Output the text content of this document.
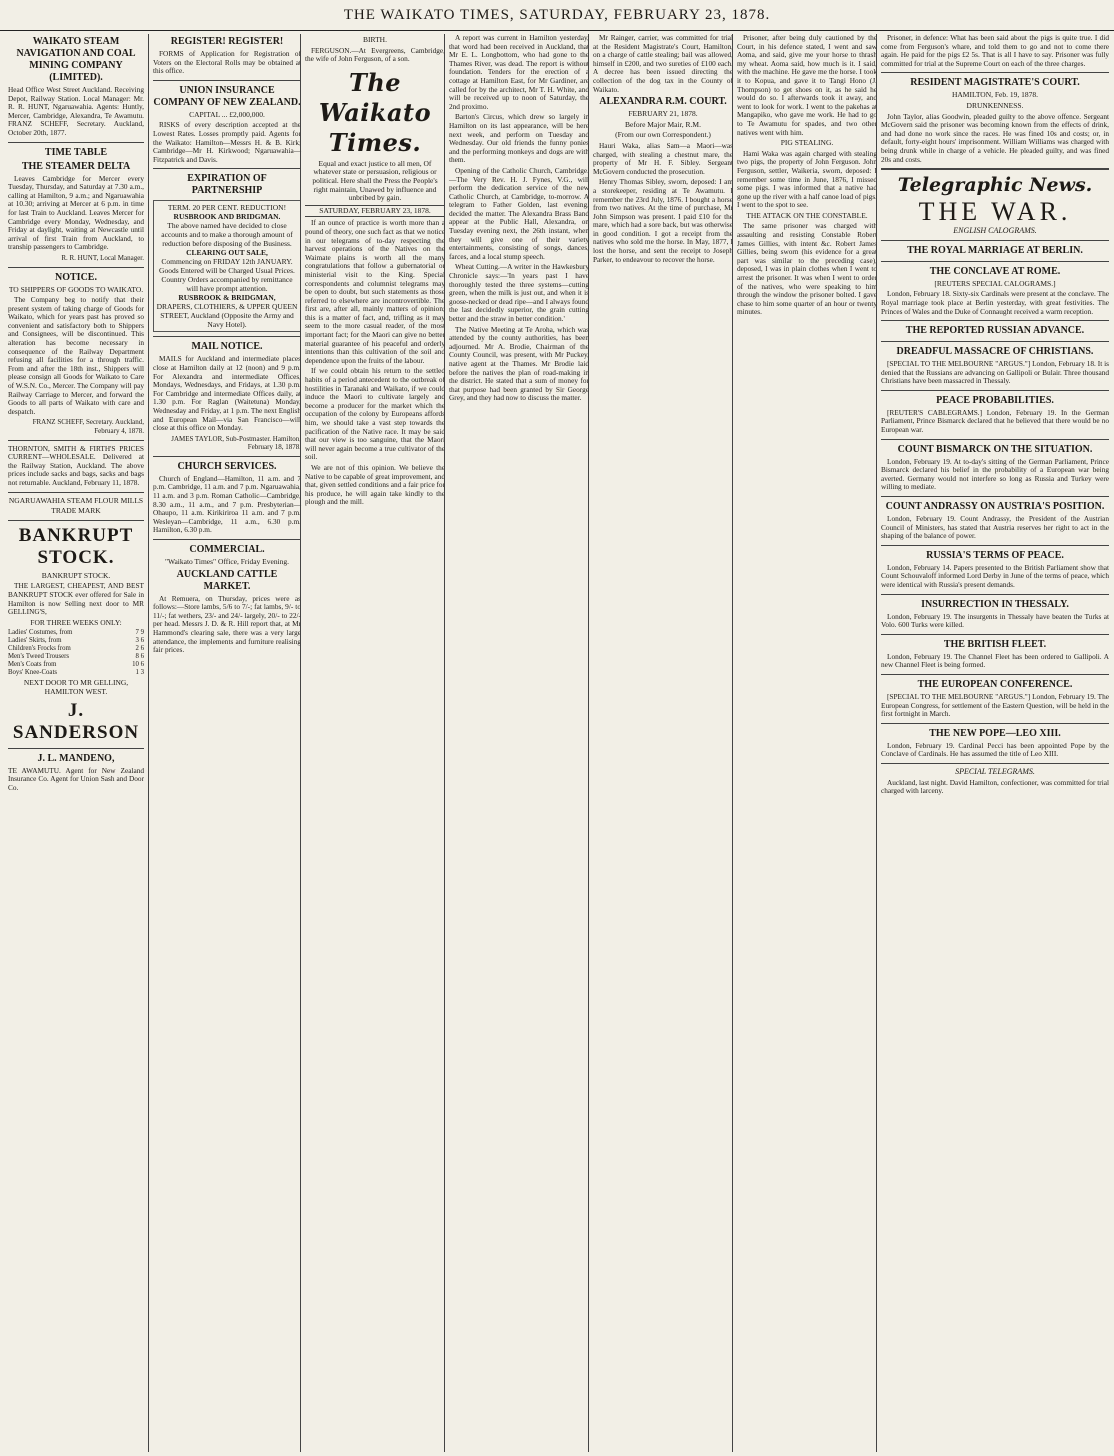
THE WAIKATO TIMES, SATURDAY, FEBRUARY 23, 1878.
WAIKATO STEAM NAVIGATION AND COAL MINING COMPANY (LIMITED).

Head Office West Street Auckland. Receiving Depot, Railway Station. Local Manager: Mr. R. R. HUNT, Ngaruawahia. Agents: Huntly, Mercer, Cambridge, Alexandra, Te Awamutu. FRANZ SCHEFF, Secretary. Auckland, October 20th, 1877.

TIME TABLE
THE STEAMER DELTA

Leaves Cambridge for Mercer every Tuesday, Thursday, and Saturday at 7.30 a.m., calling at Hamilton, 9 a.m.; and Ngaruawahia at 10.30; arriving at Mercer at 6 p.m. in time for last Train to Auckland. Leaves Mercer for Cambridge every Monday, Wednesday, and Friday at daylight, waiting at Newcastle until arrival of first Train from Auckland, to tranship passengers to Cambridge.

R. R. HUNT, Local Manager.

NOTICE.
TO SHIPPERS OF GOODS TO WAIKATO.

The Company beg to notify that their present system of taking charge of Goods for Waikato, which for years past has proved so convenient and satisfactory both to Shippers and Consignees, will be discontinued. This alteration has become necessary in consequence of the Railway Department refusing all facilities for a through traffic. From and after the 18th inst., Shippers will please consign all Goods for Waikato to Care of W.S.N. Co., Mercer. The Company will pay Railway Carriage to Mercer, and forward the Goods to all parts of Waikato with care and despatch.

FRANZ SCHEFF, Secretary. Auckland, February 4, 1878.

THORNTON, SMITH & FIRTH'S PRICES CURRENT—WHOLESALE. Delivered at the Railway Station, Auckland. The above prices include sacks and bags, sacks and bags not returnable. Auckland, February 11, 1878.

NGARUAWAHIA STEAM FLOUR MILLS
TRADE MARK
BANKRUPT STOCK.
BANKRUPT STOCK.

THE LARGEST, CHEAPEST, AND BEST BANKRUPT STOCK ever offered for Sale in Hamilton is now Selling next door to MR GELLING'S,

FOR THREE WEEKS ONLY:
Ladies' Costumes, from	7 9
Ladies' Skirts, from	3 6
Children's Frocks from	2 6
Men's Tweed Trousers	8 6
Men's Coats from	10 6
Boys' Knee-Coats	1 3
NEXT DOOR TO MR GELLING, HAMILTON WEST.
J. SANDERSON
J. L. MANDENO,

TE AWAMUTU. Agent for New Zealand Insurance Co. Agent for Union Sash and Door Co.

REGISTER! REGISTER!

FORMS of Application for Registration of Voters on the Electoral Rolls may be obtained at this office.

UNION INSURANCE COMPANY OF NEW ZEALAND.
CAPITAL ... £2,000,000.

RISKS of every description accepted at the Lowest Rates. Losses promptly paid. Agents for the Waikato: Hamilton—Messrs H. & B. Kirk; Cambridge—Mr H. Kirkwood; Ngaruawahia—Fitzpatrick and Davis.

EXPIRATION OF PARTNERSHIP
TERM. 20 PER CENT. REDUCTION!
RUSBROOK AND BRIDGMAN.
The above named have decided to close accounts and to make a thorough amount of reduction before disposing of the Business.
CLEARING OUT SALE,
Commencing on FRIDAY 12th JANUARY.
Goods Entered will be Charged Usual Prices. Country Orders accompanied by remittance will have prompt attention.
RUSBROOK & BRIDGMAN,
DRAPERS, CLOTHIERS, & UPPER QUEEN STREET, Auckland (Opposite the Army and Navy Hotel).
MAIL NOTICE.

MAILS for Auckland and intermediate places close at Hamilton daily at 12 (noon) and 9 p.m. For Alexandra and intermediate Offices, Mondays, Wednesdays, and Fridays, at 1.30 p.m. For Cambridge and intermediate Offices daily, at 1.30 p.m. For Raglan (Waitetuna) Monday, Wednesday and Friday, at 1 p.m. The next English and European Mail—via San Francisco—will close at this office on Monday.

JAMES TAYLOR, Sub-Postmaster. Hamilton, February 18, 1878.

CHURCH SERVICES.

Church of England—Hamilton, 11 a.m. and 7 p.m. Cambridge, 11 a.m. and 7 p.m. Ngaruawahia, 11 a.m. and 3 p.m. Roman Catholic—Cambridge, 8.30 a.m., 11 a.m., and 7 p.m. Presbyterian—Ohaupo, 11 a.m. Kirikiriroa 11 a.m. and 7 p.m. Wesleyan—Cambridge, 11 a.m., 6.30 p.m. Hamilton, 6.30 p.m.

COMMERCIAL.
"Waikato Times" Office, Friday Evening.
AUCKLAND CATTLE MARKET.

At Remuera, on Thursday, prices were as follows:—Store lambs, 5/6 to 7/-; fat lambs, 9/- to 11/-; fat wethers, 23/- and 24/- largely, 20/- to 22/- per head. Messrs J. D. & R. Hill report that, at Mr Hammond's clearing sale, there was a very large attendance, the implements and furniture realising fair prices.

BIRTH.

FERGUSON.—At Evergreens, Cambridge, the wife of John Ferguson, of a son.

The Waikato Times.

Equal and exact justice to all men, Of whatever state or persuasion, religious or political. Here shall the Press the People's right maintain, Unawed by influence and unbribed by gain.

SATURDAY, FEBRUARY 23, 1878.

If an ounce of practice is worth more than a pound of theory, one such fact as that we notice in our telegrams of to-day respecting the harvest operations of the Natives on the Waimate plains is worth all the many congratulations that follow a gubernatorial or ministerial visit to the King. Special correspondents and columnist telegrams may be open to doubt, but such statements as those referred to elsewhere are incontrovertible. The first are, after all, mainly matters of opinion; this is a matter of fact, and, trifling as it may seem to the more casual reader, of the most important fact; for the Maori can give no better material guarantee of his peaceful and orderly intentions than this cultivation of the soil and dependence upon the fruits of the labour.

If we could obtain his return to the settled habits of a period antecedent to the outbreak of hostilities in Taranaki and Waikato, if we could induce the Maori to cultivate largely and become a producer for the market which the occupation of the colony by Europeans affords him, we should take a vast step towards the pacification of the Native race. It may be said that our view is too sanguine, that the Maori will never again become a true cultivator of the soil.

We are not of this opinion. We believe the Native to be capable of great improvement, and that, given settled conditions and a fair price for his produce, he will again take kindly to the plough and the mill.

A report was current in Hamilton yesterday, that word had been received in Auckland, that Mr E. L. Longbottom, who had gone to the Thames River, was dead. The report is without foundation. Tenders for the erection of a cottage at Hamilton East, for Mr Gardiner, are called for by the architect, Mr T. H. White, and will be received up to noon of Saturday, the 2nd proximo.

Barton's Circus, which drew so largely in Hamilton on its last appearance, will be here next week, and perform on Tuesday and Wednesday. Our old friends the funny ponies and the performing monkeys and dogs are with them.

Opening of the Catholic Church, Cambridge.—The Very Rev. H. J. Fynes, V.G., will perform the dedication service of the new Catholic Church, at Cambridge, to-morrow. A telegram to Father Golden, last evening, decided the matter. The Alexandra Brass Band appear at the Public Hall, Alexandra, on Tuesday evening next, the 26th instant, when they will give one of their variety entertainments, consisting of songs, dances, farces, and a local stump speech.

Wheat Cutting.—A writer in the Hawkesbury Chronicle says:—'In years past I have thoroughly tested the three systems—cutting green, when the milk is just out, and when it is goose-necked or dead ripe—and I always found the last decidedly superior, the grain cutting better and the straw in better condition.'

The Native Meeting at Te Aroha, which was attended by the county authorities, has been adjourned. Mr A. Brodie, Chairman of the County Council, was present, with Mr Puckey, native agent at the Thames. Mr Brodie laid before the natives the plan of road-making in the district. He stated that a sum of money for that purpose had been granted by Sir George Grey, and they had now to discuss the matter.

Mr Rainger, carrier, was committed for trial at the Resident Magistrate's Court, Hamilton, on a charge of cattle stealing; bail was allowed, himself in £200, and two sureties of £100 each. A decree has been issued directing the collection of the dog tax in the County of Waikato.

ALEXANDRA R.M. COURT.
FEBRUARY 21, 1878.
Before Major Mair, R.M.
(From our own Correspondent.)

Hauri Waka, alias Sam—a Maori—was charged, with stealing a chestnut mare, the property of Mr H. F. Sibley. Sergeant McGovern conducted the prosecution.

Henry Thomas Sibley, sworn, deposed: I am a storekeeper, residing at Te Awamutu. I remember the 23rd July, 1876. I bought a horse from two natives. At the time of purchase, Mr John Simpson was present. I paid £10 for the mare, which had a sore back, but was otherwise in good condition. I got a receipt from the natives who sold me the horse. In May, 1877, I lost the horse, and sent the receipt to Joseph Parker, to endeavour to recover the horse.

Prisoner, after being duly cautioned by the Court, in his defence stated, I went and saw Aoma, and said, give me your horse to thrash my wheat. Aoma said, how much is it. I said, with the machine. He gave me the horse. I took it to Kopua, and gave it to Tangi Hono (J. Thompson) to get shoes on it, as he said he would do so. I afterwards took it away, and went to look for work. I went to the pakehas at Mangapiko, who gave me work. He had to go to Te Awamutu for spades, and two other natives went with him.

PIG STEALING.

Hami Waka was again charged with stealing two pigs, the property of John Ferguson. John Ferguson, settler, Waikeria, sworn, deposed: I remember some time in June, 1876, I missed some pigs. I was informed that a native had gone up the river with a half canoe load of pigs. I went to the spot to see.

THE ATTACK ON THE CONSTABLE.

The same prisoner was charged with assaulting and resisting Constable Robert James Gillies, with intent &c. Robert James Gillies, being sworn (his evidence for a great part was similar to the preceding case), deposed, I was in plain clothes when I went to arrest the prisoner. It was when I went to order of the natives, who were speaking to him through the window the prisoner bolted. I gave chase to him some quarter of an hour or twenty minutes.

Prisoner, in defence: What has been said about the pigs is quite true. I did come from Ferguson's whare, and told them to go and not to come there again. He paid for the pigs £2 5s. That is all I have to say. Prisoner was fully committed for trial at the Supreme Court on each of the three charges.

RESIDENT MAGISTRATE'S COURT.
HAMILTON, Feb. 19, 1878.
DRUNKENNESS.

John Taylor, alias Goodwin, pleaded guilty to the above offence. Sergeant McGovern said the prisoner was becoming known from the effects of drink, and had done no work since the races. He was fined 10s and costs; or, in default, forty-eight hours' imprisonment. William Williams was charged with being drunk while in charge of a vehicle. He pleaded guilty, and was fined 20s and costs.

Telegraphic News.
THE WAR.
ENGLISH CALOGRAMS.
THE ROYAL MARRIAGE AT BERLIN.
THE CONCLAVE AT ROME.
[REUTERS SPECIAL CALOGRAMS.]

London, February 18. Sixty-six Cardinals were present at the conclave. The Royal marriage took place at Berlin yesterday, with great festivities. The Princes of Wales and the Duke of Connaught received a warm reception.

THE REPORTED RUSSIAN ADVANCE.
DREADFUL MASSACRE OF CHRISTIANS.

[SPECIAL TO THE MELBOURNE "ARGUS."] London, February 18. It is denied that the Russians are advancing on Gallipoli or Bulair. Three thousand Christians have been massacred in Thessaly.

PEACE PROBABILITIES.

[REUTER'S CABLEGRAMS.] London, February 19. In the German Parliament, Prince Bismarck declared that he believed that there would be no European war.

COUNT BISMARCK ON THE SITUATION.

London, February 19. At to-day's sitting of the German Parliament, Prince Bismarck declared his belief in the probability of a European war being averted. Germany would not interfere so long as Russia and Turkey were willing to mediate.

COUNT ANDRASSY ON AUSTRIA'S POSITION.

London, February 19. Count Andrassy, the President of the Austrian Council of Ministers, has stated that Austria reserves her right to act in the shaping of the balance of power.

RUSSIA'S TERMS OF PEACE.

London, February 14. Papers presented to the British Parliament show that Count Schouvaloff informed Lord Derby in June of the terms of peace, which were identical with Russia's present demands.

INSURRECTION IN THESSALY.

London, February 19. The insurgents in Thessaly have beaten the Turks at Volo. 600 Turks were killed.

THE BRITISH FLEET.

London, February 19. The Channel Fleet has been ordered to Gallipoli. A new Channel Fleet is being formed.

THE EUROPEAN CONFERENCE.

[SPECIAL TO THE MELBOURNE "ARGUS."] London, February 19. The European Congress, for settlement of the Eastern Question, will be held in the first fortnight in March.

THE NEW POPE—LEO XIII.

London, February 19. Cardinal Pecci has been appointed Pope by the Conclave of Cardinals. He has assumed the title of Leo XIII.

SPECIAL TELEGRAMS.

Auckland, last night. David Hamilton, confectioner, was committed for trial charged with larceny.
